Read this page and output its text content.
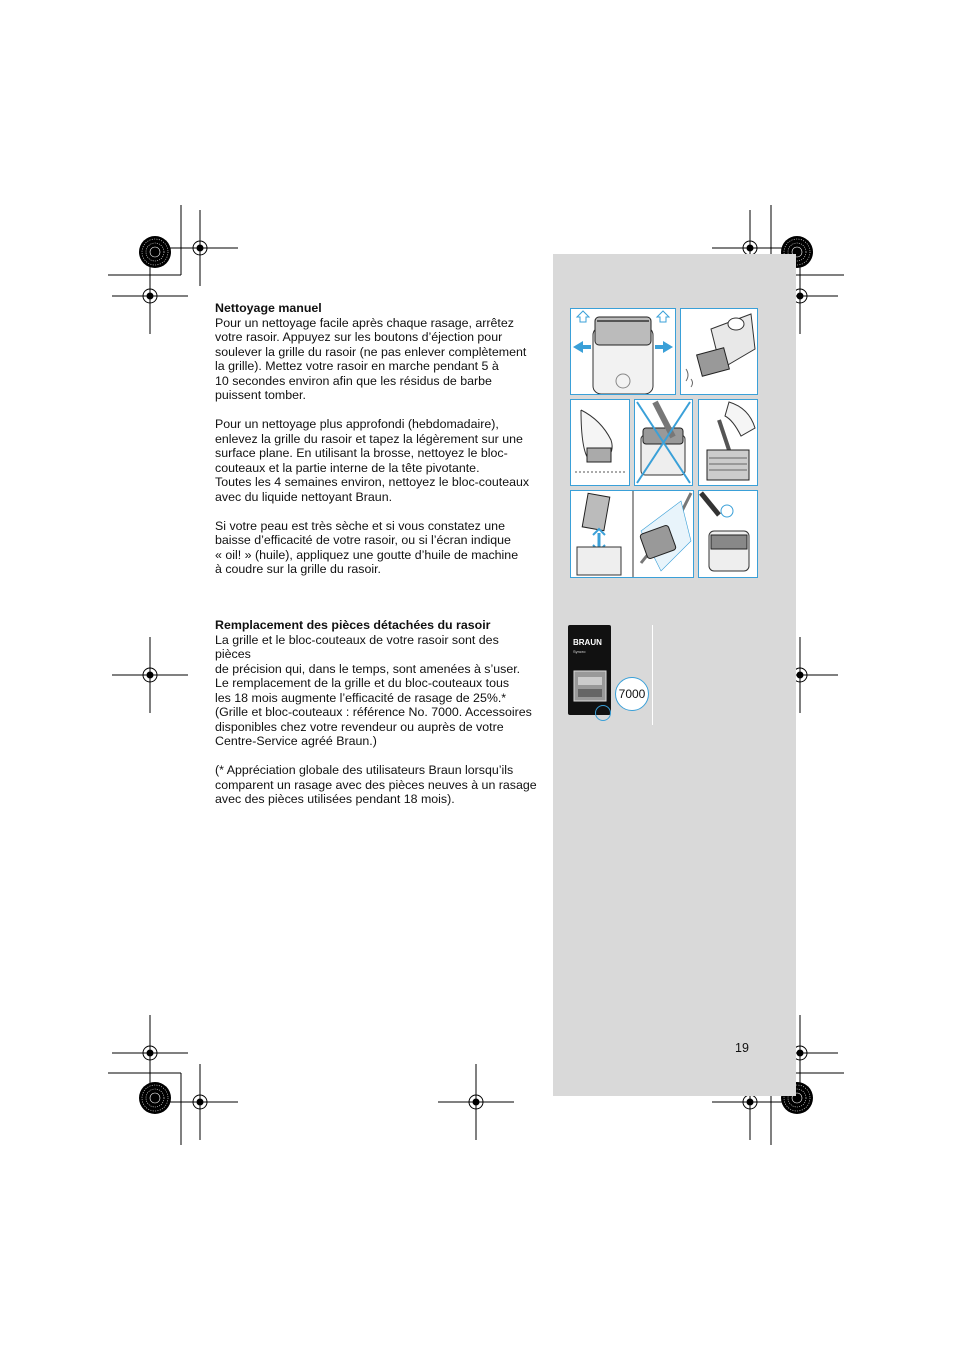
Nettoyage manuel

Pour un nettoyage facile après chaque rasage, arrêtez

votre rasoir. Appuyez sur les boutons d’éjection pour

soulever la grille du rasoir (ne pas enlever complètement

la grille). Mettez votre rasoir en marche pendant 5 à

10 secondes environ afin que les résidus de barbe

puissent tomber.

Pour un nettoyage plus approfondi (hebdomadaire),

enlevez la grille du rasoir et tapez la légèrement sur une

surface plane. En utilisant la brosse, nettoyez le bloc-

couteaux et la partie interne de la tête pivotante.

Toutes les 4 semaines environ, nettoyez le bloc-couteaux

avec du liquide nettoyant Braun.

Si votre peau est très sèche et si vous constatez une

baisse d’efficacité de votre rasoir, ou si l’écran indique

« oil! » (huile), appliquez une goutte d’huile de machine

à coudre sur la grille du rasoir.

Remplacement des pièces détachées du rasoir

La grille et le bloc-couteaux de votre rasoir sont des pièces

de précision qui, dans le temps, sont amenées à s’user.

Le remplacement de la grille et du bloc-couteaux tous

les 18 mois augmente l’efficacité de rasage de 25%.*

(Grille et bloc-couteaux : référence No. 7000. Accessoires

disponibles chez votre revendeur ou auprès de votre

Centre-Service agréé Braun.)

(* Appréciation globale des utilisateurs Braun lorsqu’ils

comparent un rasage avec des pièces neuves à un rasage

avec des pièces utilisées pendant 18 mois).

BRAUN
Syncro
7000
19
